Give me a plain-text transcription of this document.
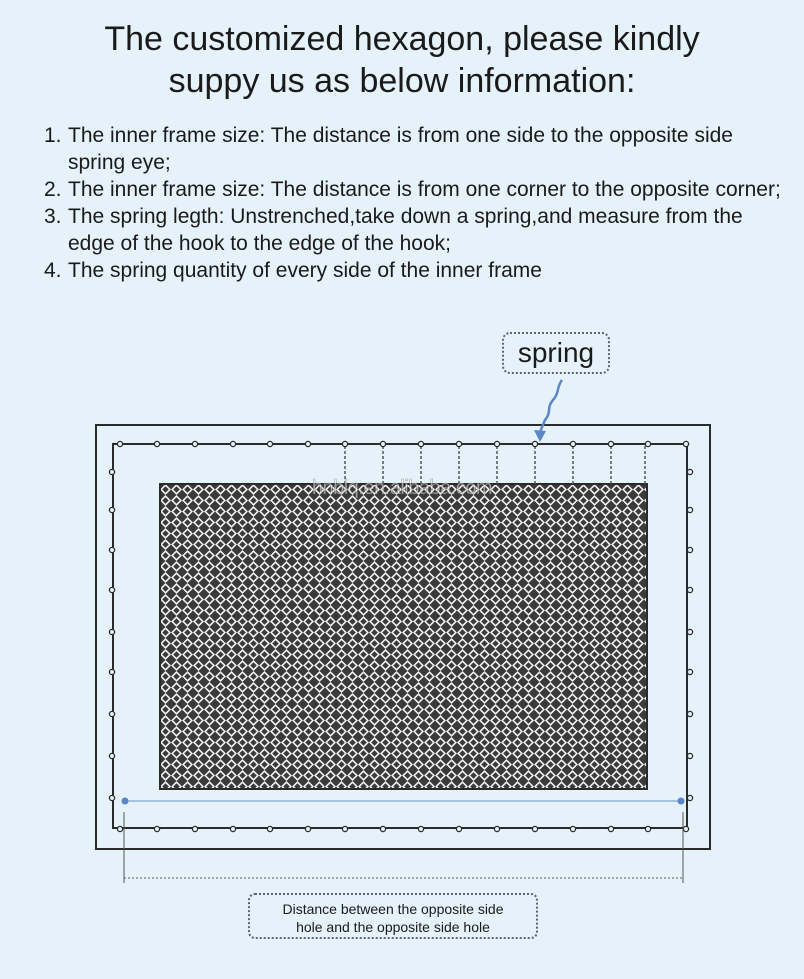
The customized hexagon, please kindly
suppy us as below information:
1. The inner frame size: The distance is from one side to the opposite side spring eye;
2. The inner frame size: The distance is from one corner to the opposite corner;
3. The spring legth: Unstrenched,take down a spring,and measure from the edge of the hook to the edge of the hook;
4. The spring quantity of every side of the inner frame
spring
hnblq.en.alibaba.com
Distance between the opposite side
hole and the opposite side hole
